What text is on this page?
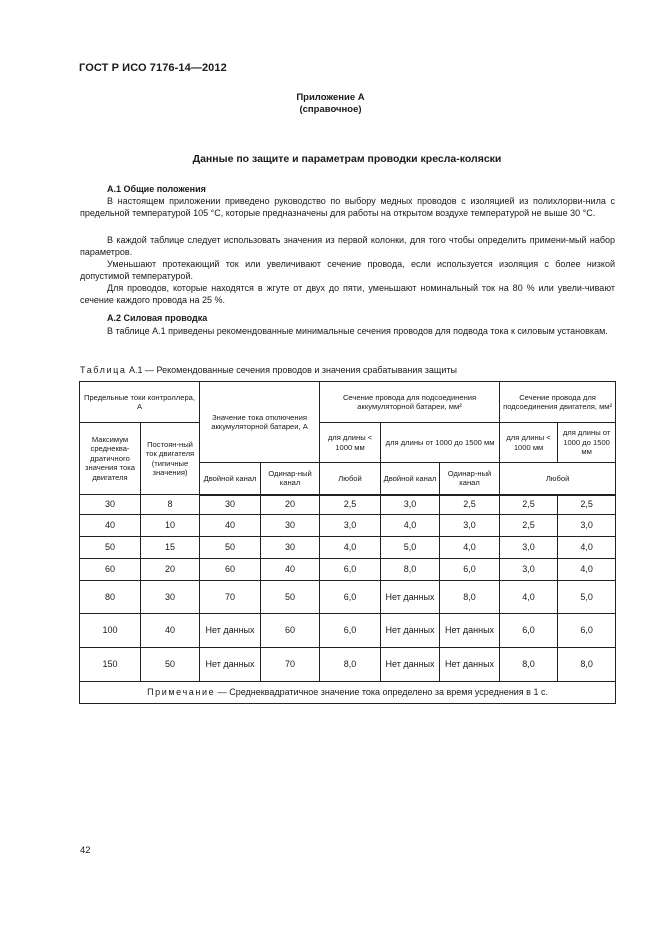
ГОСТ Р ИСО 7176-14—2012
Приложение А
(справочное)
Данные по защите и параметрам проводки кресла-коляски
А.1 Общие положения

В настоящем приложении приведено руководство по выбору медных проводов с изоляцией из полихлорви-нила с предельной температурой 105 °С, которые предназначены для работы на открытом воздухе температурой не выше 30 °С.

В каждой таблице следует использовать значения из первой колонки, для того чтобы определить примени-мый набор параметров.

Уменьшают протекающий ток или увеличивают сечение провода, если используется изоляция с более низкой допустимой температурой.

Для проводов, которые находятся в жгуте от двух до пяти, уменьшают номинальный ток на 80 % или увели-чивают сечение каждого провода на 25 %.

А.2 Силовая проводка

В таблице А.1 приведены рекомендованные минимальные сечения проводов для подвода тока к силовым установкам.

Таблица А.1 — Рекомендованные сечения проводов и значения срабатывания защиты
Предельные токи контроллера, А		Значение тока отключения аккумуляторной батареи, А		Сечение провода для подсоединения аккумуляторной батареи, мм²			Сечение провода для подсоединения двигателя, мм²	
Максимум среднеква-дратичного значения тока двигателя	Постоян-ный ток двигателя (типичные значения)			для длины < 1000 мм	для длины от 1000 до 1500 мм		для длины < 1000 мм	для длины от 1000 до 1500 мм
		Двойной канал	Одинар-ный канал	Любой	Двойной канал	Одинар-ный канал	Любой	
30	8	30	20	2,5	3,0	2,5	2,5	2,5
40	10	40	30	3,0	4,0	3,0	2,5	3,0
50	15	50	30	4,0	5,0	4,0	3,0	4,0
60	20	60	40	6,0	8,0	6,0	3,0	4,0
80	30	70	50	6,0	Нет данных	8,0	4,0	5,0
100	40	Нет данных	60	6,0	Нет данных	Нет данных	6,0	6,0
150	50	Нет данных	70	8,0	Нет данных	Нет данных	8,0	8,0
Примечание — Среднеквадратичное значение тока определено за время усреднения в 1 с.								
42
